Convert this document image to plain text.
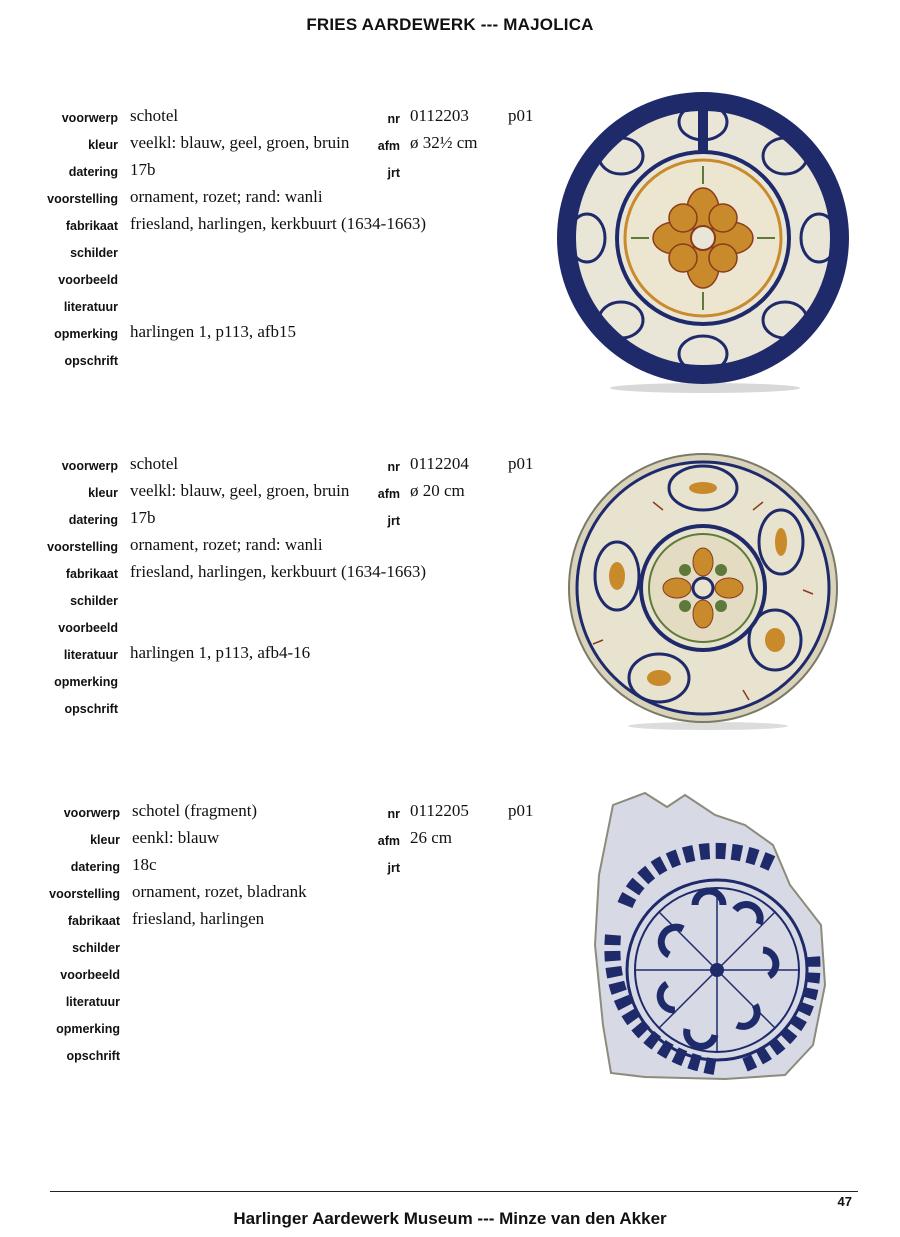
FRIES AARDEWERK --- MAJOLICA
voorwerp schotel	nr 0112203 p01
kleur veelkl: blauw, geel, groen, bruin	afm ø 32½ cm
datering 17b	jrt
voorstelling ornament, rozet; rand: wanli
fabrikaat friesland, harlingen, kerkbuurt (1634-1663)
schilder
voorbeeld
literatuur
opmerking harlingen 1, p113, afb15
opschrift
voorwerp schotel	nr 0112204 p01
kleur veelkl: blauw, geel, groen, bruin	afm ø 20 cm
datering 17b	jrt
voorstelling ornament, rozet; rand: wanli
fabrikaat friesland, harlingen, kerkbuurt (1634-1663)
schilder
voorbeeld
literatuur harlingen 1, p113, afb4-16
opmerking
opschrift
voorwerp schotel (fragment)	nr 0112205 p01
kleur eenkl: blauw	afm 26 cm
datering 18c	jrt
voorstelling ornament, rozet, bladrank
fabrikaat friesland, harlingen
schilder
voorbeeld
literatuur
opmerking
opschrift
47
Harlinger Aardewerk Museum --- Minze van den Akker
